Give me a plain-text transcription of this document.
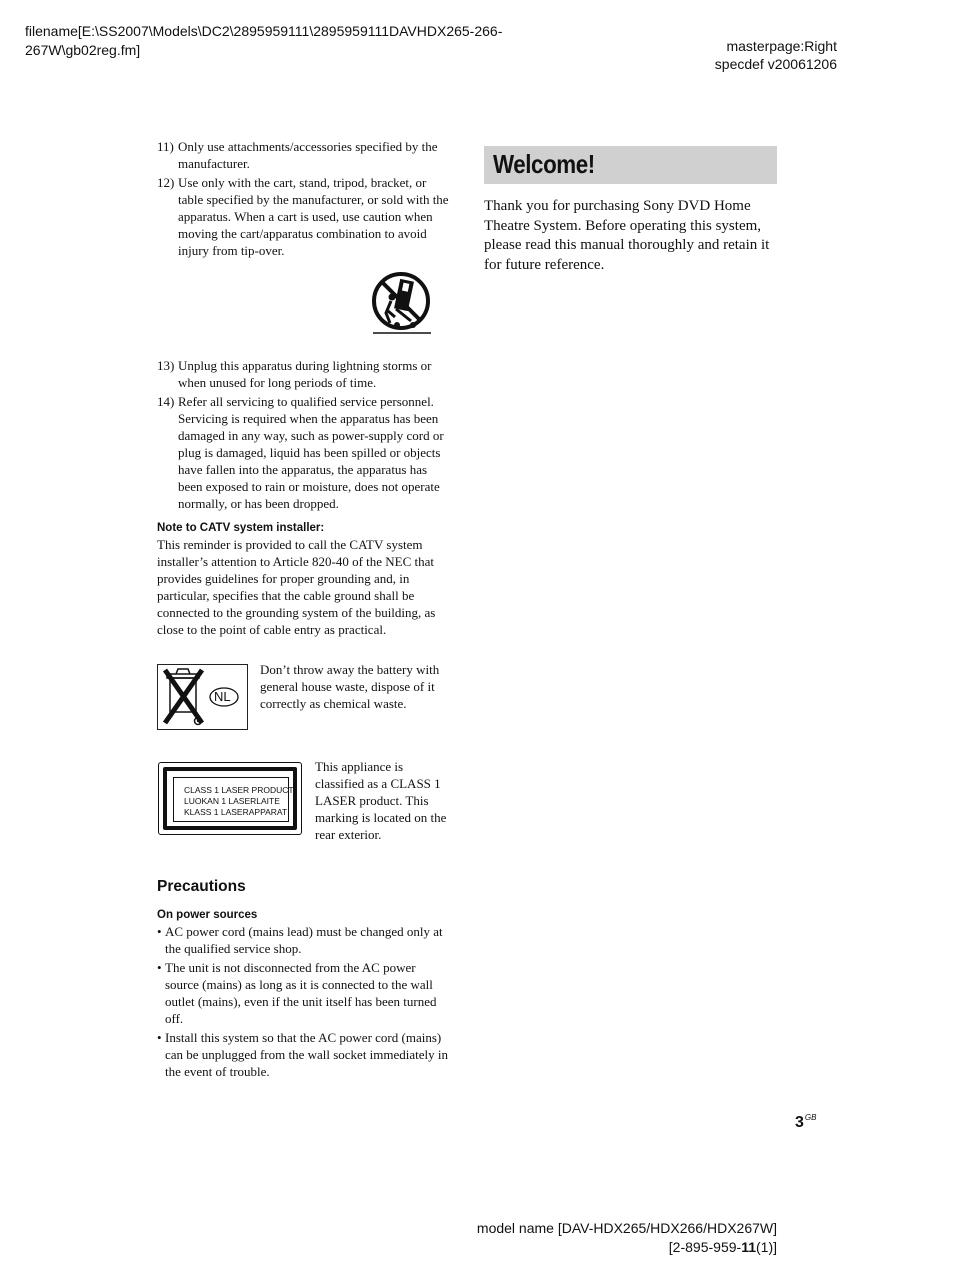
filename[E:\SS2007\Models\DC2\2895959111\2895959111DAVHDX265-266-267W\gb02reg.fm]	masterpage:Right
specdef v20061206
11) Only use attachments/accessories specified by the manufacturer.
12) Use only with the cart, stand, tripod, bracket, or table specified by the manufacturer, or sold with the apparatus. When a cart is used, use caution when moving the cart/apparatus combination to avoid injury from tip-over.
13) Unplug this apparatus during lightning storms or when unused for long periods of time.
14) Refer all servicing to qualified service personnel. Servicing is required when the apparatus has been damaged in any way, such as power-supply cord or plug is damaged, liquid has been spilled or objects have fallen into the apparatus, the apparatus has been exposed to rain or moisture, does not operate normally, or has been dropped.
Note to CATV system installer:

This reminder is provided to call the CATV system installer’s attention to Article 820-40 of the NEC that provides guidelines for proper grounding and, in particular, specifies that the cable ground shall be connected to the grounding system of the building, as close to the point of cable entry as practical.

NL
Don’t throw away the battery with general house waste, dispose of it correctly as chemical waste.
CLASS 1 LASER PRODUCT
LUOKAN 1 LASERLAITE
KLASS 1 LASERAPPARAT
This appliance is classified as a CLASS 1 LASER product. This marking is located on the rear exterior.
Precautions
On power sources
• AC power cord (mains lead) must be changed only at the qualified service shop.
• The unit is not disconnected from the AC power source (mains) as long as it is connected to the wall outlet (mains), even if the unit itself has been turned off.
• Install this system so that the AC power cord (mains) can be unplugged from the wall socket immediately in the event of trouble.
Welcome!

Thank you for purchasing Sony DVD Home Theatre System. Before operating this system, please read this manual thoroughly and retain it for future reference.

$3^{GB}$
model name [DAV-HDX265/HDX266/HDX267W]
[2-895-959-11(1)]
